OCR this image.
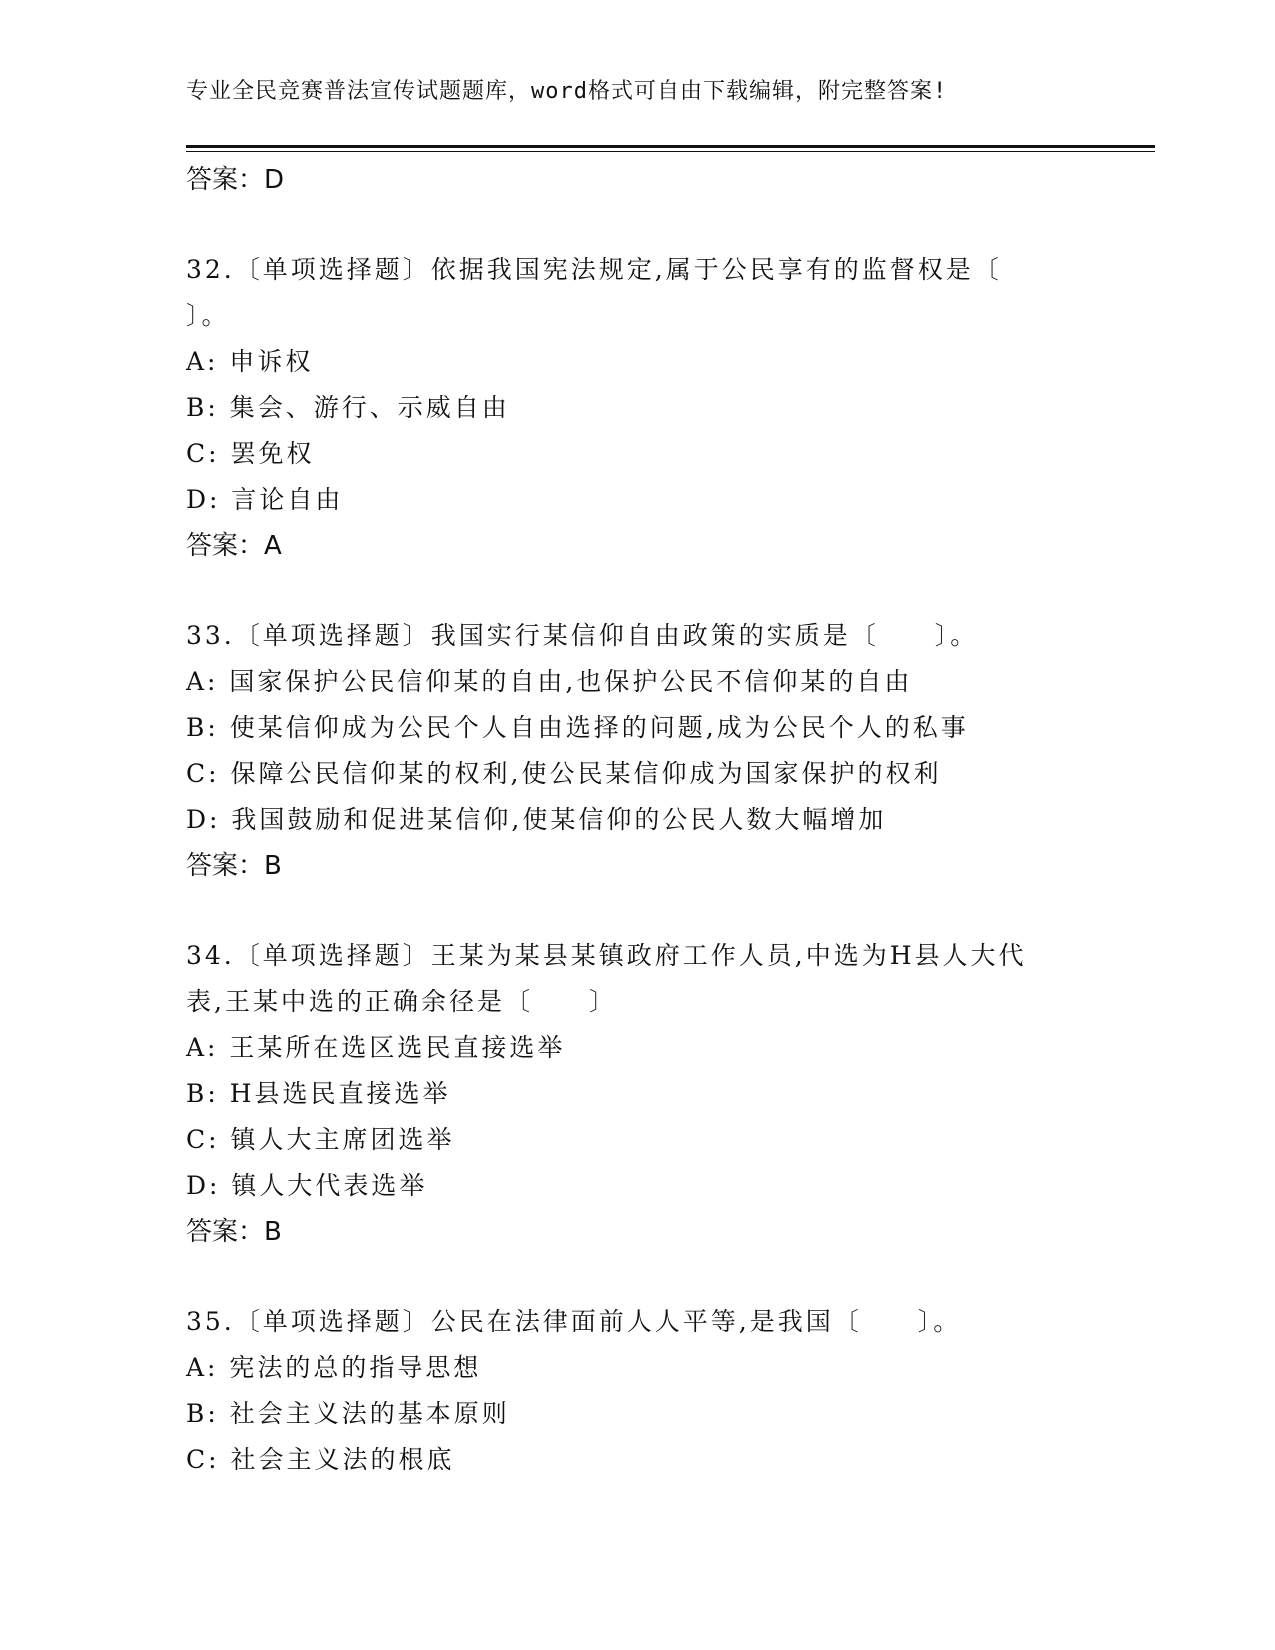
专业全民竞赛普法宣传试题题库，word格式可自由下载编辑，附完整答案!
答案：D
32.〔单项选择题〕依据我国宪法规定,属于公民享有的监督权是〔
〕。
A: 申诉权
B: 集会、游行、示威自由
C: 罢免权
D: 言论自由
答案：A
33.〔单项选择题〕我国实行某信仰自由政策的实质是〔　　〕。
A: 国家保护公民信仰某的自由,也保护公民不信仰某的自由
B: 使某信仰成为公民个人自由选择的问题,成为公民个人的私事
C: 保障公民信仰某的权利,使公民某信仰成为国家保护的权利
D: 我国鼓励和促进某信仰,使某信仰的公民人数大幅增加
答案：B
34.〔单项选择题〕王某为某县某镇政府工作人员,中选为H县人大代
表,王某中选的正确余径是〔　　〕
A: 王某所在选区选民直接选举
B: H县选民直接选举
C: 镇人大主席团选举
D: 镇人大代表选举
答案：B
35.〔单项选择题〕公民在法律面前人人平等,是我国〔　　〕。
A: 宪法的总的指导思想
B: 社会主义法的基本原则
C: 社会主义法的根底
